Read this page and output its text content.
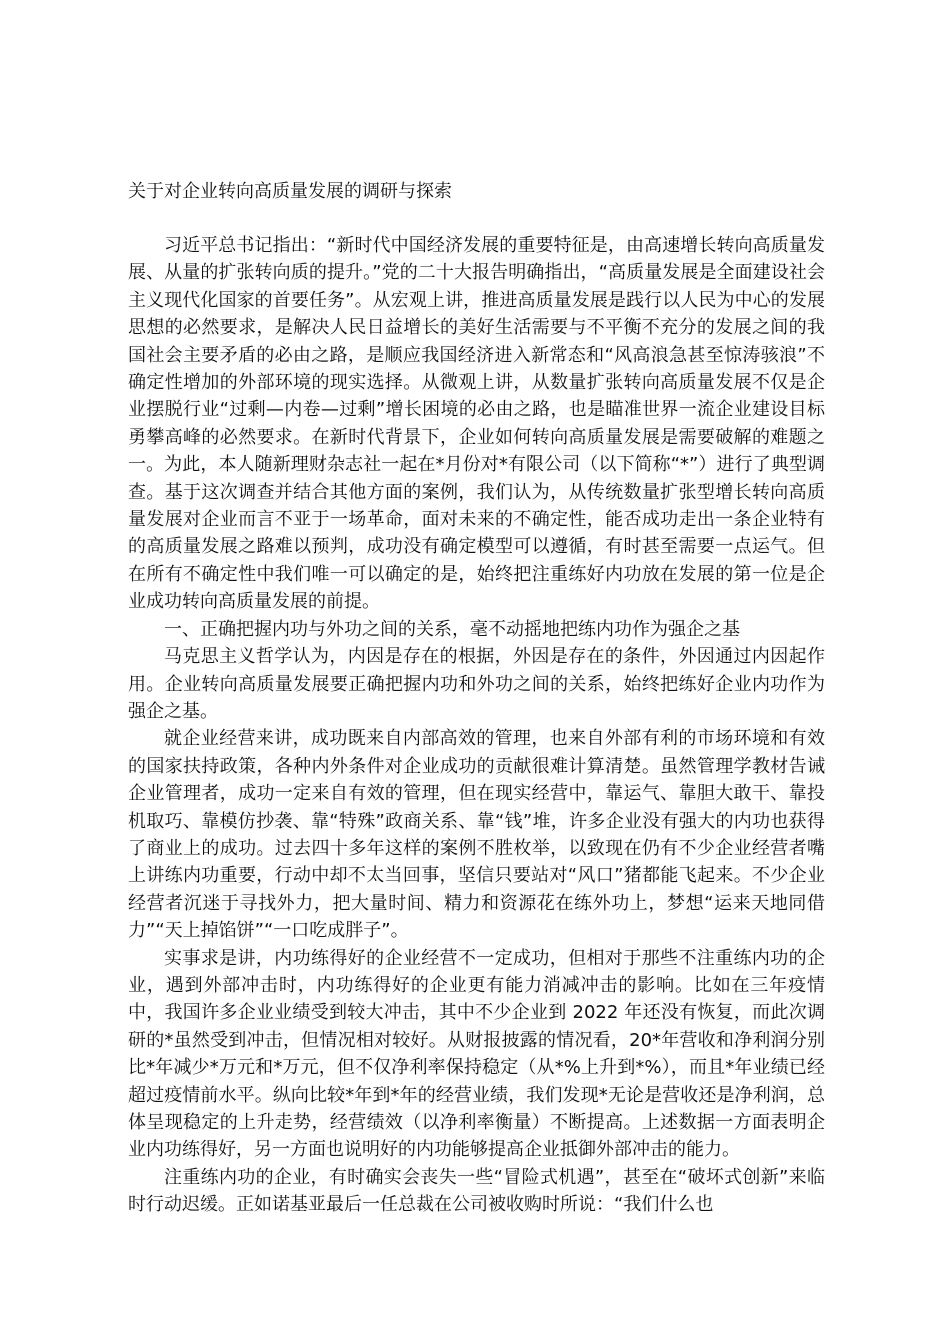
关于对企业转向高质量发展的调研与探索

习近平总书记指出：“新时代中国经济发展的重要特征是，由高速增长转向高质量发展、从量的扩张转向质的提升。”党的二十大报告明确指出，“高质量发展是全面建设社会主义现代化国家的首要任务”。从宏观上讲，推进高质量发展是践行以人民为中心的发展思想的必然要求，是解决人民日益增长的美好生活需要与不平衡不充分的发展之间的我国社会主要矛盾的必由之路，是顺应我国经济进入新常态和“风高浪急甚至惊涛骇浪”不确定性增加的外部环境的现实选择。从微观上讲，从数量扩张转向高质量发展不仅是企业摆脱行业“过剩—内卷—过剩”增长困境的必由之路，也是瞄准世界一流企业建设目标勇攀高峰的必然要求。在新时代背景下，企业如何转向高质量发展是需要破解的难题之一。为此，本人随新理财杂志社一起在*月份对*有限公司（以下简称“*”）进行了典型调查。基于这次调查并结合其他方面的案例，我们认为，从传统数量扩张型增长转向高质量发展对企业而言不亚于一场革命，面对未来的不确定性，能否成功走出一条企业特有的高质量发展之路难以预判，成功没有确定模型可以遵循，有时甚至需要一点运气。但在所有不确定性中我们唯一可以确定的是，始终把注重练好内功放在发展的第一位是企业成功转向高质量发展的前提。

一、正确把握内功与外功之间的关系，毫不动摇地把练内功作为强企之基

马克思主义哲学认为，内因是存在的根据，外因是存在的条件，外因通过内因起作用。企业转向高质量发展要正确把握内功和外功之间的关系，始终把练好企业内功作为强企之基。

就企业经营来讲，成功既来自内部高效的管理，也来自外部有利的市场环境和有效的国家扶持政策，各种内外条件对企业成功的贡献很难计算清楚。虽然管理学教材告诫企业管理者，成功一定来自有效的管理，但在现实经营中，靠运气、靠胆大敢干、靠投机取巧、靠模仿抄袭、靠“特殊”政商关系、靠“钱”堆，许多企业没有强大的内功也获得了商业上的成功。过去四十多年这样的案例不胜枚举，以致现在仍有不少企业经营者嘴上讲练内功重要，行动中却不太当回事，坚信只要站对“风口”猪都能飞起来。不少企业经营者沉迷于寻找外力，把大量时间、精力和资源花在练外功上，梦想“运来天地同借力”“天上掉馅饼”“一口吃成胖子”。

实事求是讲，内功练得好的企业经营不一定成功，但相对于那些不注重练内功的企业，遇到外部冲击时，内功练得好的企业更有能力消减冲击的影响。比如在三年疫情中，我国许多企业业绩受到较大冲击，其中不少企业到 2022 年还没有恢复，而此次调研的*虽然受到冲击，但情况相对较好。从财报披露的情况看，20*年营收和净利润分别比*年减少*万元和*万元，但不仅净利率保持稳定（从*%上升到*%），而且*年业绩已经超过疫情前水平。纵向比较*年到*年的经营业绩，我们发现*无论是营收还是净利润，总体呈现稳定的上升走势，经营绩效（以净利率衡量）不断提高。上述数据一方面表明企业内功练得好，另一方面也说明好的内功能够提高企业抵御外部冲击的能力。

注重练内功的企业，有时确实会丧失一些“冒险式机遇”，甚至在“破坏式创新”来临时行动迟缓。正如诺基亚最后一任总裁在公司被收购时所说：“我们什么也
